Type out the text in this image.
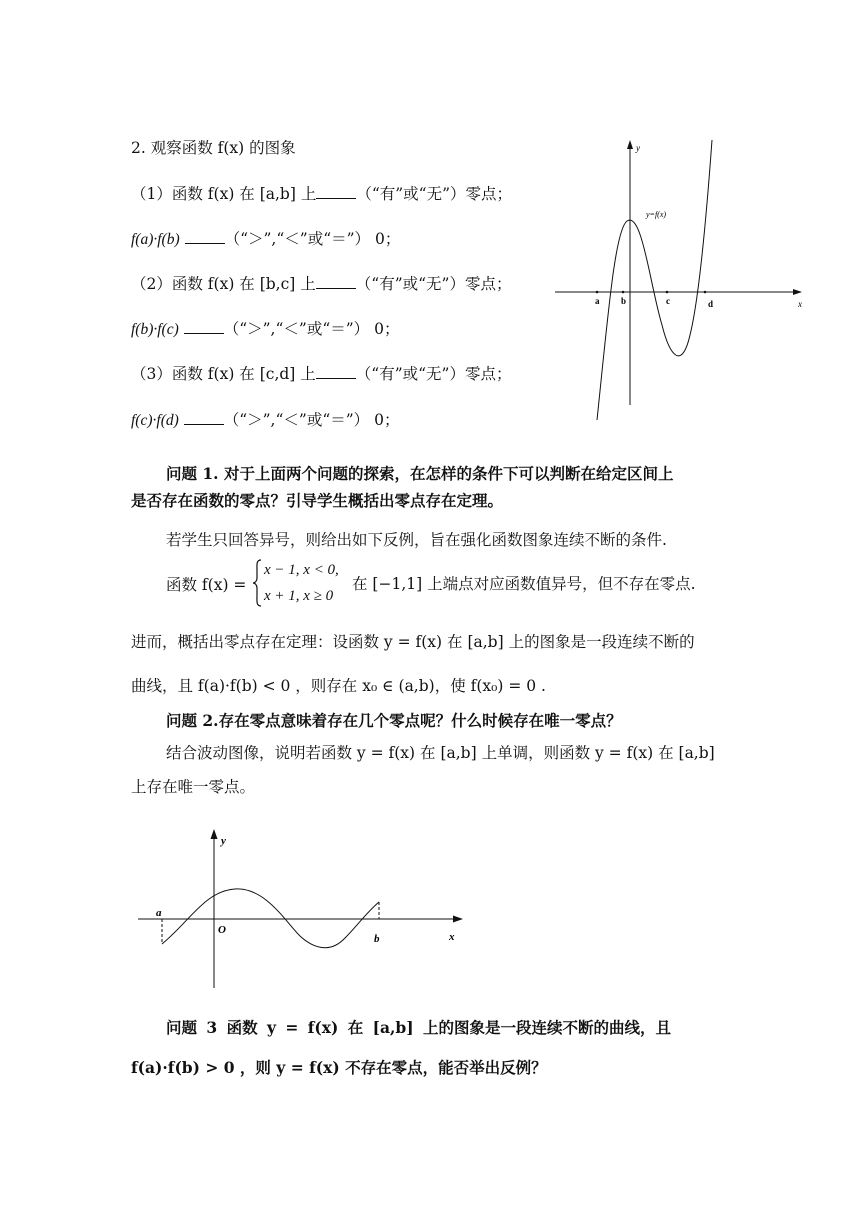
2. 观察函数 f(x) 的图象
（1）函数 f(x) 在 [a,b] 上	（“有”或“无”）零点；
f(a)·f(b)	（“＞”,“＜”或“＝”） 0；
（2）函数 f(x) 在 [b,c] 上	（“有”或“无”）零点；
f(b)·f(c)	（“＞”,“＜”或“＝”） 0；
（3）函数 f(x) 在 [c,d] 上	（“有”或“无”）零点；
f(c)·f(d)	（“＞”,“＜”或“＝”） 0；
y
x
y=f(x)
a b	c	d
问题 1. 对于上面两个问题的探索，在怎样的条件下可以判断在给定区间上
是否存在函数的零点？引导学生概括出零点存在定理。
若学生只回答异号，则给出如下反例，旨在强化函数图象连续不断的条件.
函数 f(x) =
x − 1, x < 0,
x + 1, x ≥ 0
在 [−1,1] 上端点对应函数值异号，但不存在零点.
进而，概括出零点存在定理：设函数 y = f(x) 在 [a,b] 上的图象是一段连续不断的
曲线，且 f(a)·f(b) < 0 ，则存在 x₀ ∈ (a,b)，使 f(x₀) = 0 .
问题 2.存在零点意味着存在几个零点呢？什么时候存在唯一零点？
结合波动图像，说明若函数 y = f(x) 在 [a,b] 上单调，则函数 y = f(x) 在 [a,b]
上存在唯一零点。
y
x
O
a
b
问题 3 函数 y = f(x) 在 [a,b] 上的图象是一段连续不断的曲线，且
f(a)·f(b) > 0 ，则 y = f(x) 不存在零点，能否举出反例？
